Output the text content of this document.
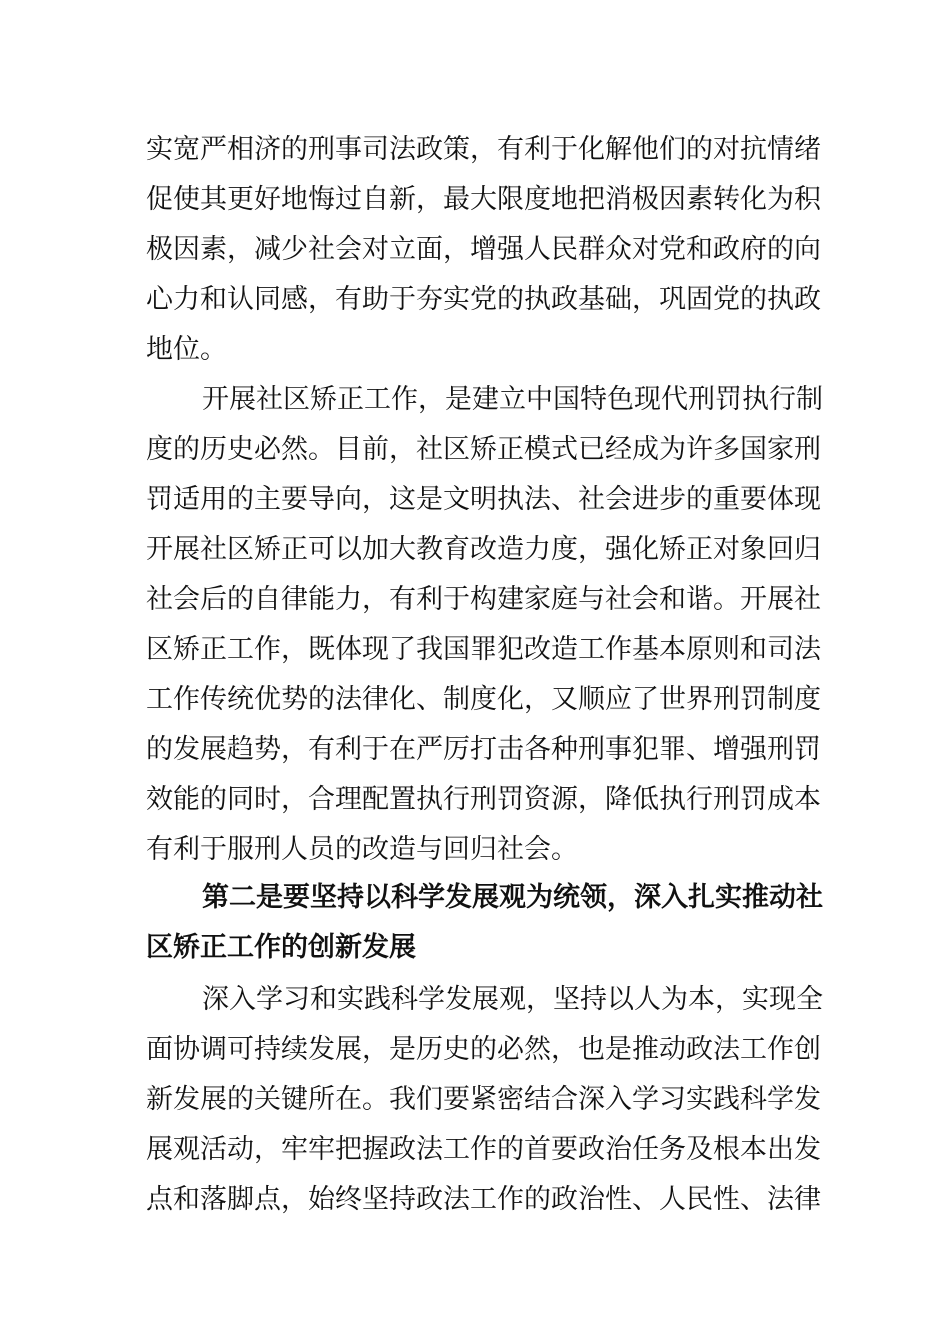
实宽严相济的刑事司法政策，有利于化解他们的对抗情绪
促使其更好地悔过自新，最大限度地把消极因素转化为积
极因素，减少社会对立面，增强人民群众对党和政府的向
心力和认同感，有助于夯实党的执政基础，巩固党的执政
地位。
开展社区矫正工作，是建立中国特色现代刑罚执行制
度的历史必然。目前，社区矫正模式已经成为许多国家刑
罚适用的主要导向，这是文明执法、社会进步的重要体现
开展社区矫正可以加大教育改造力度，强化矫正对象回归
社会后的自律能力，有利于构建家庭与社会和谐。开展社
区矫正工作，既体现了我国罪犯改造工作基本原则和司法
工作传统优势的法律化、制度化，又顺应了世界刑罚制度
的发展趋势，有利于在严厉打击各种刑事犯罪、增强刑罚
效能的同时，合理配置执行刑罚资源，降低执行刑罚成本
有利于服刑人员的改造与回归社会。
第二是要坚持以科学发展观为统领，深入扎实推动社
区矫正工作的创新发展
深入学习和实践科学发展观，坚持以人为本，实现全
面协调可持续发展，是历史的必然，也是推动政法工作创
新发展的关键所在。我们要紧密结合深入学习实践科学发
展观活动，牢牢把握政法工作的首要政治任务及根本出发
点和落脚点，始终坚持政法工作的政治性、人民性、法律
